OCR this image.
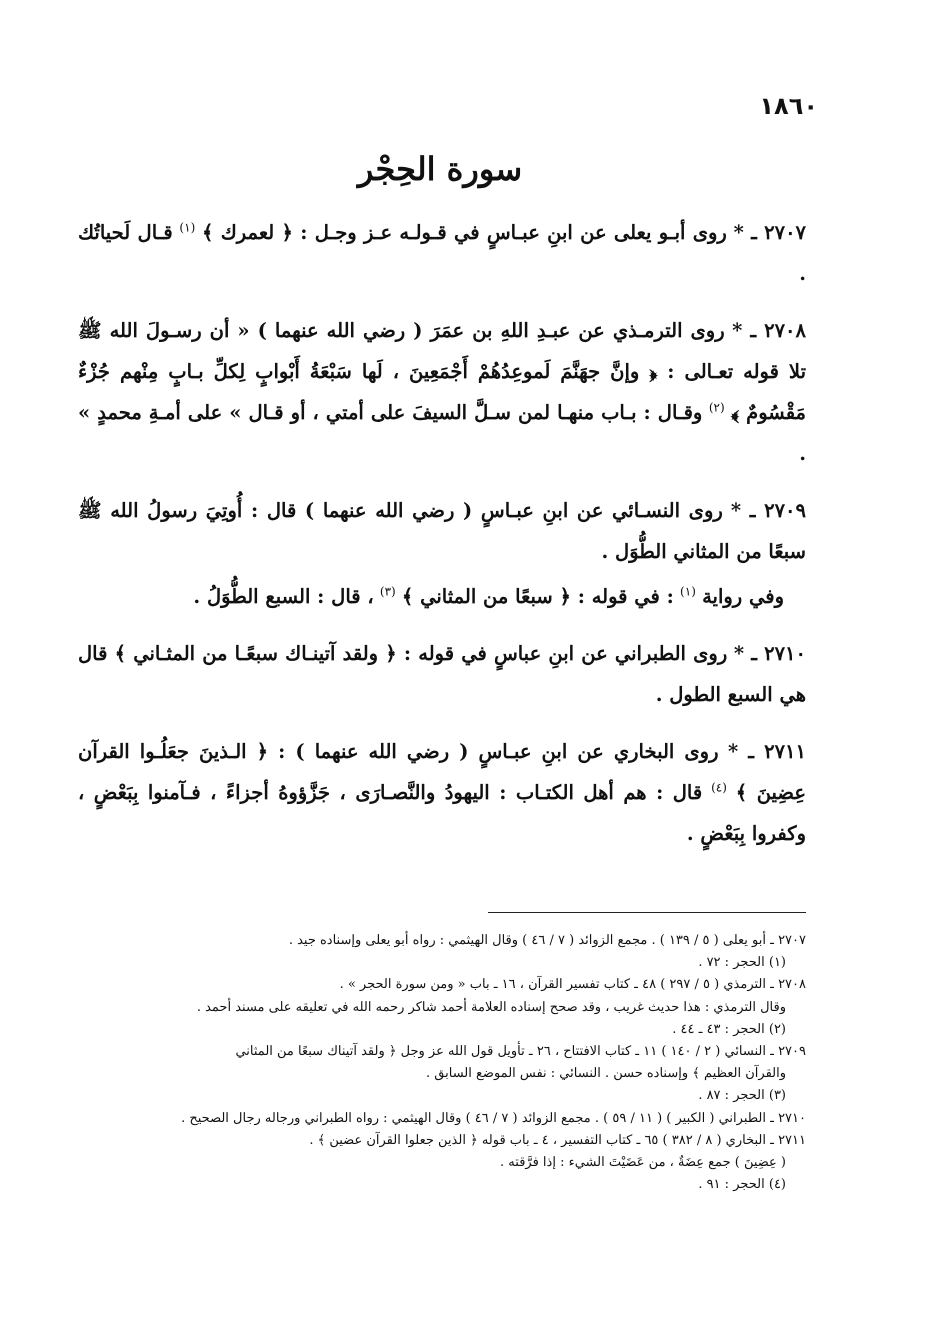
١٨٦٠
سورة الحِجْر

٢٧٠٧ ـ * روى أبـو يعلى عن ابنِ عبـاسٍ في قـولـه عـز وجـل : ﴿ لعمرك ﴾ $^{(١)}$ قـال لَحياتُك .

٢٧٠٨ ـ * روى الترمـذي عن عبـدِ اللهِ بن عمَرَ ( رضي الله عنهما ) « أن رسـولَ الله ﷺ تلا قوله تعـالى : ﴿ وإنَّ جهَنَّمَ لَموعِدُهُمْ أَجْمَعِينَ ، لَها سَبْعَةُ أَبْوابٍ لِكلِّ بـابٍ مِنْهم جُزْءٌ مَقْسُومٌ ﴾ $^{(٢)}$ وقـال : بـاب منهـا لمن سـلَّ السيفَ على أمتي ، أو قـال » على أمـةِ محمدٍ » .

٢٧٠٩ ـ * روى النسـائي عن ابنِ عبـاسٍ ( رضي الله عنهما ) قال : أُوتِيَ رسولُ الله ﷺ سبعًا من المثاني الطُّوَل .

وفي رواية $^{(١)}$ : في قوله : ﴿ سبعًا من المثاني ﴾ $^{(٣)}$ ، قال : السبع الطُّوَلُ .

٢٧١٠ ـ * روى الطبراني عن ابنِ عباسٍ في قوله : ﴿ ولقد آتينـاك سبعًـا من المثـاني ﴾ قال هي السبع الطول .

٢٧١١ ـ * روى البخاري عن ابنِ عبـاسٍ ( رضي الله عنهما ) : ﴿ الـذينَ جعَلُـوا القرآن عِضِينَ ﴾ $^{(٤)}$ قال : هم أهل الكتـاب : اليهودُ والنَّصـارَى ، جَزَّؤوهُ أجزاءً ، فـآمنوا بِبَعْضٍ ، وكفروا بِبَعْضٍ .

٢٧٠٧ ـ أبو يعلى ( ٥ / ١٣٩ ) . مجمع الزوائد ( ٧ / ٤٦ ) وقال الهيثمي : رواه أبو يعلى وإسناده جيد .

(١) الحجر : ٧٢ .

٢٧٠٨ ـ الترمذي ( ٥ / ٢٩٧ ) ٤٨ ـ كتاب تفسير القرآن ، ١٦ ـ باب « ومن سورة الحجر » .

وقال الترمذي : هذا حديث غريب ، وقد صحح إسناده العلامة أحمد شاكر رحمه الله في تعليقه على مسند أحمد .

(٢) الحجر : ٤٣ ـ ٤٤ .

٢٧٠٩ ـ النسائي ( ٢ / ١٤٠ ) ١١ ـ كتاب الافتتاح ، ٢٦ ـ تأويل قول الله عز وجل ﴿ ولقد آتيناك سبعًا من المثاني

والقرآن العظيم ﴾ وإسناده حسن . النسائي : نفس الموضع السابق .

(٣) الحجر : ٨٧ .

٢٧١٠ ـ الطبراني ( الكبير ) ( ١١ / ٥٩ ) . مجمع الزوائد ( ٧ / ٤٦ ) وقال الهيثمي : رواه الطبراني ورجاله رجال الصحيح .

٢٧١١ ـ البخاري ( ٨ / ٣٨٢ ) ٦٥ ـ كتاب التفسير ، ٤ ـ باب قوله ﴿ الذين جعلوا القرآن عضين ﴾ .

( عِضِينَ ) جمع عِضَةٌ ، من عَضَيْتَ الشيء : إذا فرَّقته .

(٤) الحجر : ٩١ .
